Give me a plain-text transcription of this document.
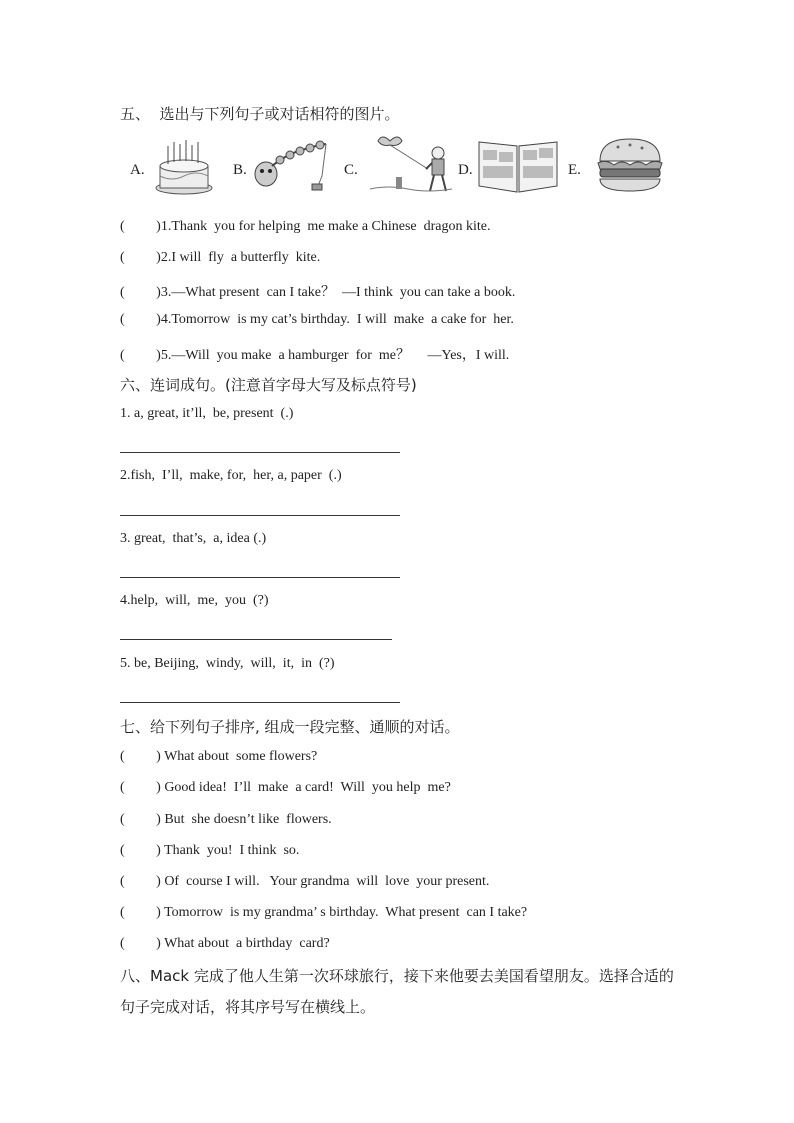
五、  选出与下列句子或对话相符的图片。
A.	B.	C.	D.	E.
(         )1.Thank  you for helping  me make a Chinese  dragon kite.
(         )2.I will  fly  a butterfly  kite.
(         )3.—What present  can I take？  —I think  you can take a book.
(         )4.Tomorrow  is my cat’s birthday.  I will  make  a cake for  her.
(         )5.—Will  you make  a hamburger  for  me？     —Yes，I will.
六、连词成句。(注意首字母大写及标点符号)
1. a, great, it’ll,  be, present  (.)
2.fish,  I’ll,  make, for,  her, a, paper  (.)
3. great,  that’s,  a, idea (.)
4.help,  will,  me,  you  (?)
5. be, Beijing,  windy,  will,  it,  in  (?)
七、给下列句子排序, 组成一段完整、通顺的对话。
(         ) What about  some flowers?
(         ) Good idea!  I’ll  make  a card!  Will  you help  me?
(         ) But  she doesn’t like  flowers.
(         ) Thank  you!  I think  so.
(         ) Of  course I will.   Your grandma  will  love  your present.
(         ) Tomorrow  is my grandma’ s birthday.  What present  can I take?
(         ) What about  a birthday  card?
八、Mack 完成了他人生第一次环球旅行，接下来他要去美国看望朋友。选择合适的句子完成对话，将其序号写在横线上。
